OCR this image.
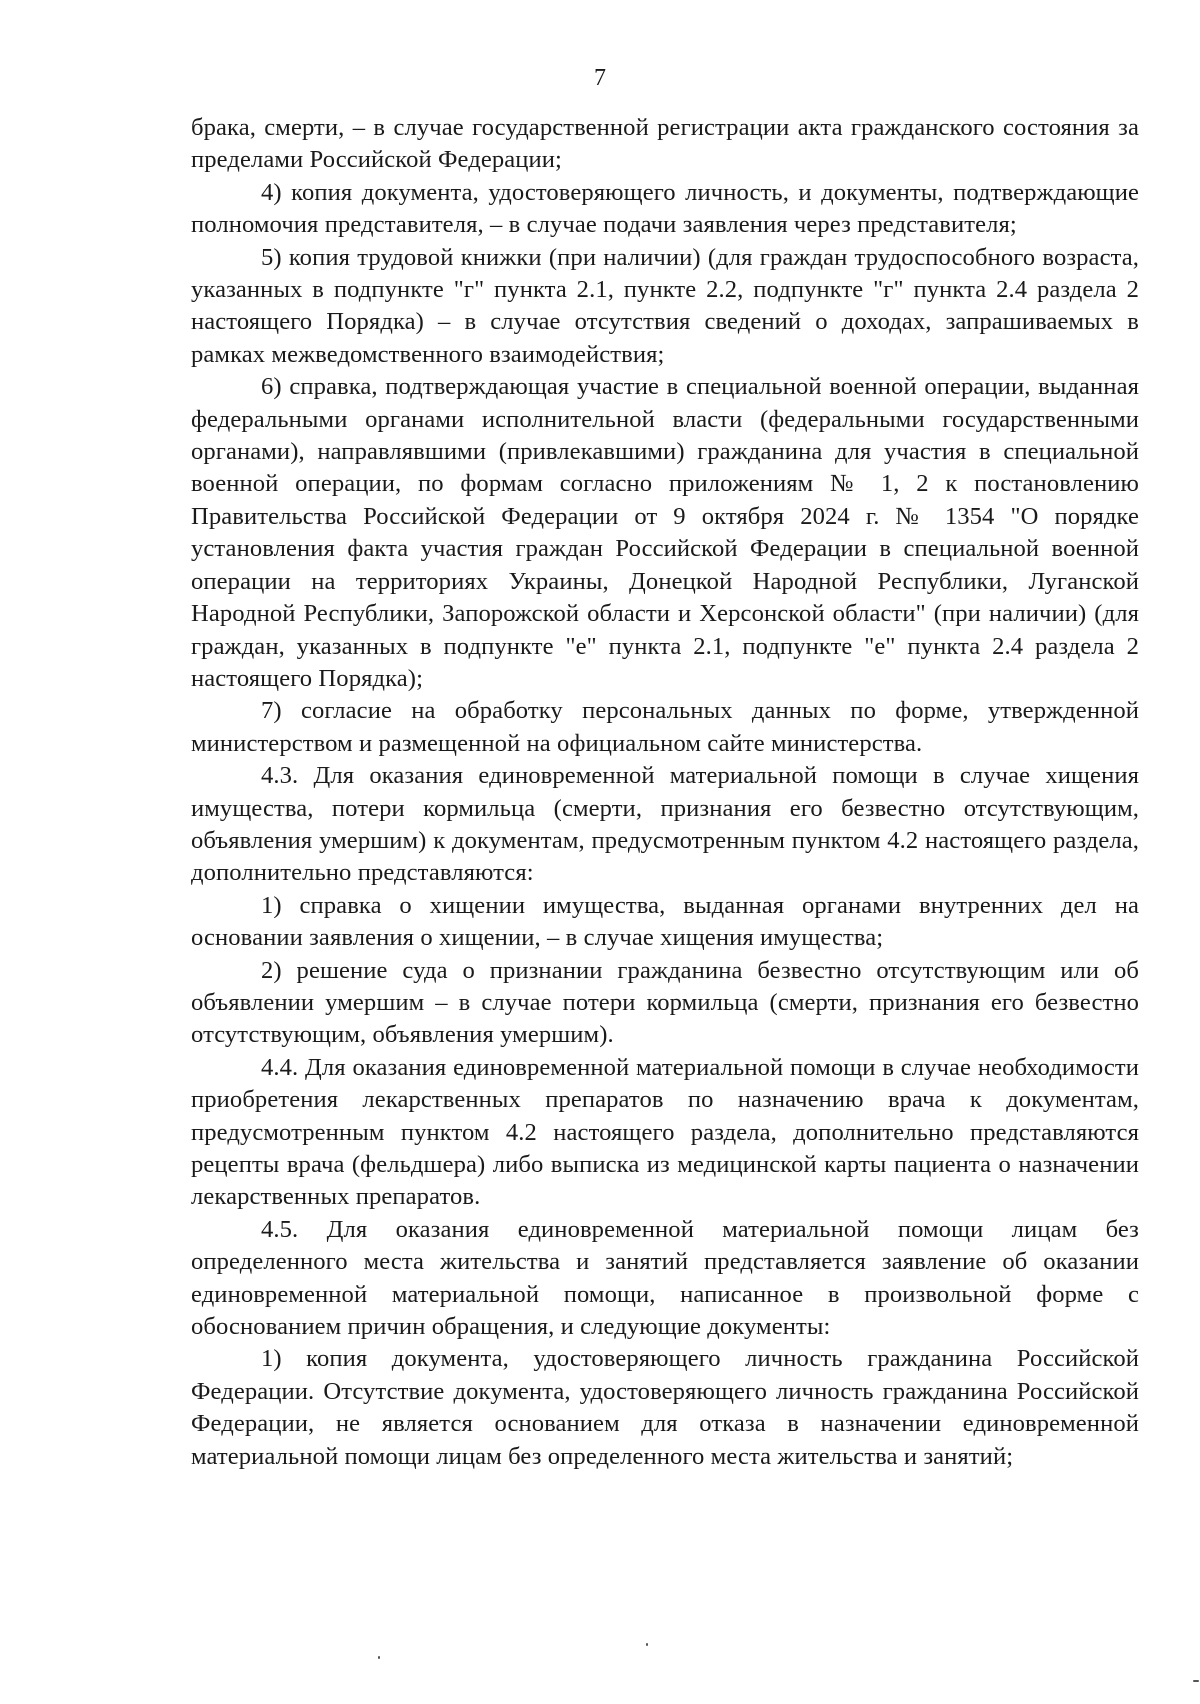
7

брака, смерти, – в случае государственной регистрации акта гражданского состояния за пределами Российской Федерации;

4) копия документа, удостоверяющего личность, и документы, подтверждающие полномочия представителя, – в случае подачи заявления через представителя;

5) копия трудовой книжки (при наличии) (для граждан трудоспособного возраста, указанных в подпункте "г" пункта 2.1, пункте 2.2, подпункте "г" пункта 2.4 раздела 2 настоящего Порядка) – в случае отсутствия сведений о доходах, запрашиваемых в рамках межведомственного взаимодействия;

6) справка, подтверждающая участие в специальной военной операции, выданная федеральными органами исполнительной власти (федеральными государственными органами), направлявшими (привлекавшими) гражданина для участия в специальной военной операции, по формам согласно приложениям № 1, 2 к постановлению Правительства Российской Федерации от 9 октября 2024 г. № 1354 "О порядке установления факта участия граждан Российской Федерации в специальной военной операции на территориях Украины, Донецкой Народной Республики, Луганской Народной Республики, Запорожской области и Херсонской области" (при наличии) (для граждан, указанных в подпункте "е" пункта 2.1, подпункте "е" пункта 2.4 раздела 2 настоящего Порядка);

7) согласие на обработку персональных данных по форме, утвержденной министерством и размещенной на официальном сайте министерства.

4.3. Для оказания единовременной материальной помощи в случае хищения имущества, потери кормильца (смерти, признания его безвестно отсутствующим, объявления умершим) к документам, предусмотренным пунктом 4.2 настоящего раздела, дополнительно представляются:

1) справка о хищении имущества, выданная органами внутренних дел на основании заявления о хищении, – в случае хищения имущества;

2) решение суда о признании гражданина безвестно отсутствующим или об объявлении умершим – в случае потери кормильца (смерти, признания его безвестно отсутствующим, объявления умершим).

4.4. Для оказания единовременной материальной помощи в случае необходимости приобретения лекарственных препаратов по назначению врача к документам, предусмотренным пунктом 4.2 настоящего раздела, дополнительно представляются рецепты врача (фельдшера) либо выписка из медицинской карты пациента о назначении лекарственных препаратов.

4.5. Для оказания единовременной материальной помощи лицам без определенного места жительства и занятий представляется заявление об оказании единовременной материальной помощи, написанное в произвольной форме с обоснованием причин обращения, и следующие документы:

1) копия документа, удостоверяющего личность гражданина Российской Федерации. Отсутствие документа, удостоверяющего личность гражданина Российской Федерации, не является основанием для отказа в назначении единовременной материальной помощи лицам без определенного места жительства и занятий;
